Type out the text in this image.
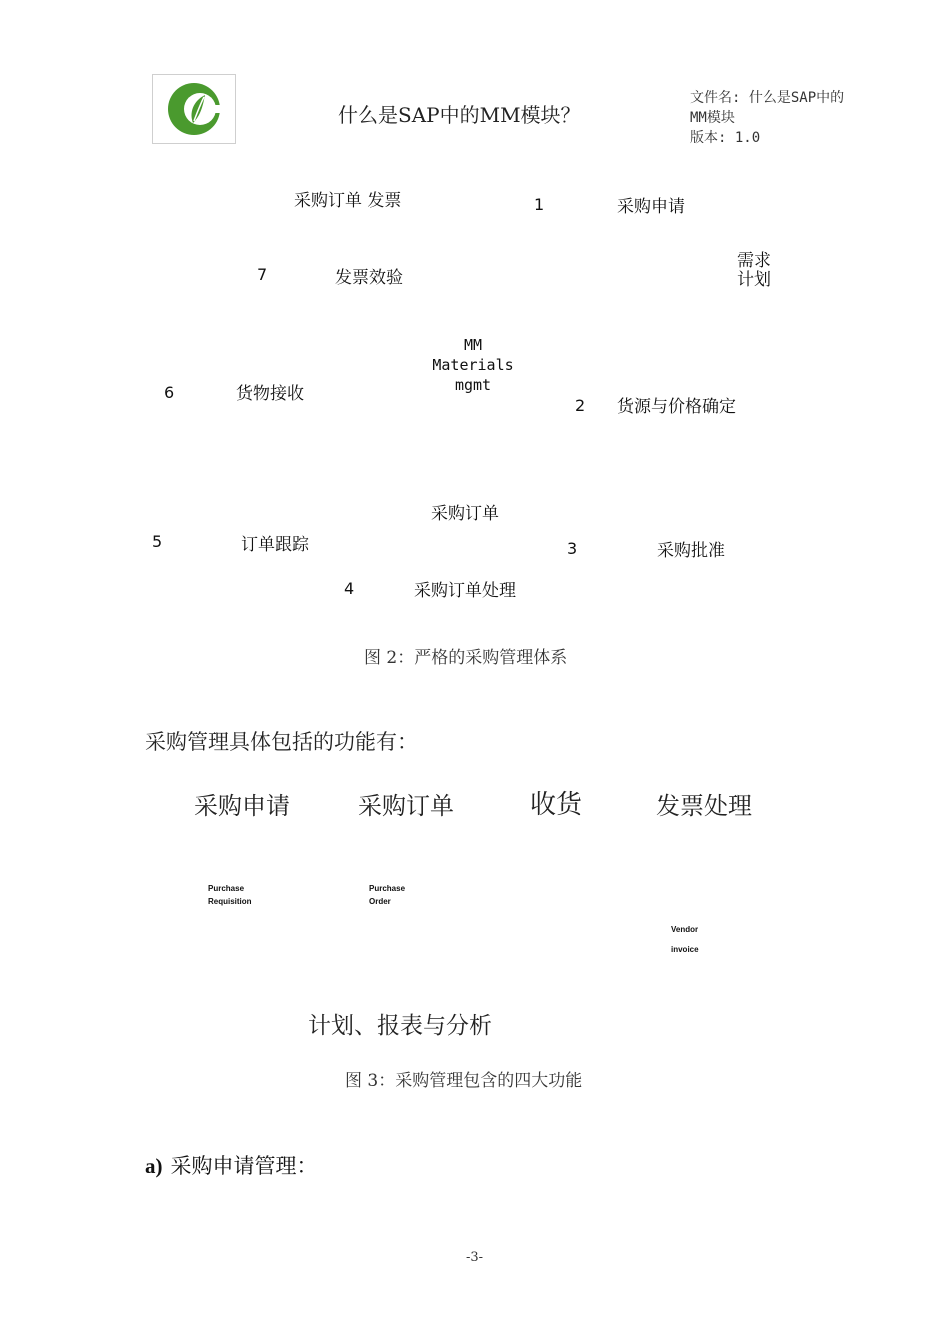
什么是SAP中的MM模块？
文件名: 什么是SAP中的MM模块
版本: 1.0
采购订单 发票	1	采购申请
需求
计划
7	发票效验
MM
Materials
mgmt
6	货物接收
2 货源与价格确定
采购订单
5	订单跟踪	3	采购批准
4	采购订单处理
图 2：严格的采购管理体系
采购管理具体包括的功能有：
采购申请	采购订单	收货	发票处理
Purchase
Requisition
Purchase
Order
Vendor
invoice
计划、报表与分析
图 3：采购管理包含的四大功能
a) 采购申请管理：
-3-
